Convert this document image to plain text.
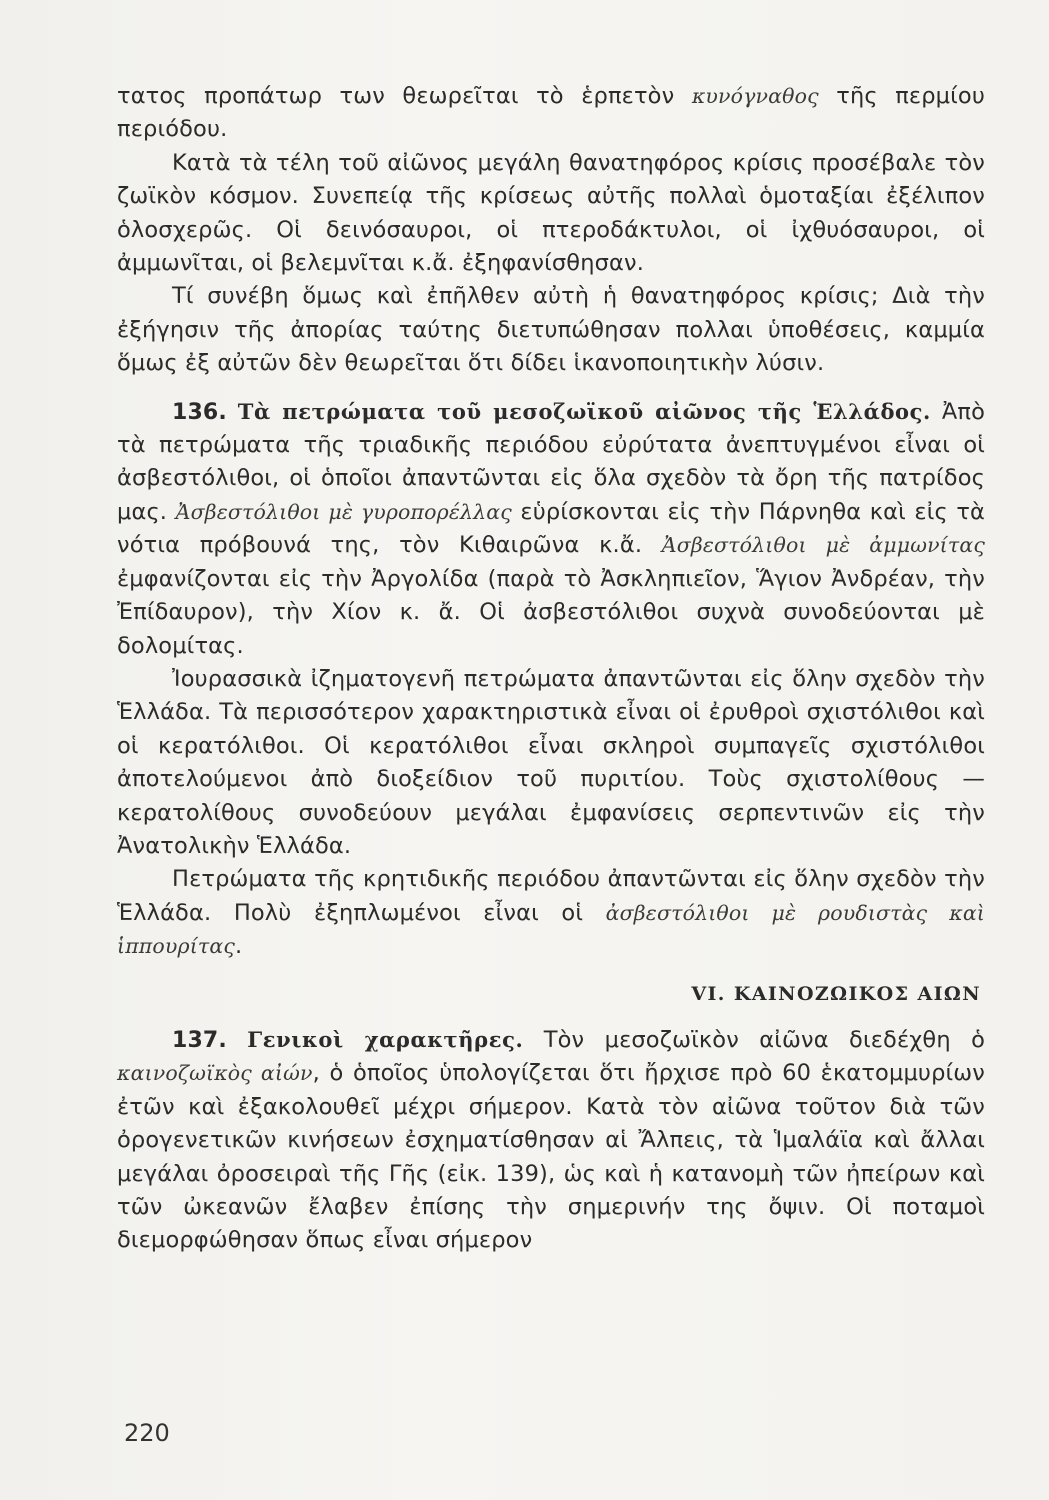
τατος προπάτωρ των θεωρεῖται τὸ ἑρπετὸν κυνόγναθος τῆς περμίου περιόδου.

Κατὰ τὰ τέλη τοῦ αἰῶνος μεγάλη θανατηφόρος κρίσις προσέβαλε τὸν ζωϊκὸν κόσμον. Συνεπείᾳ τῆς κρίσεως αὐτῆς πολλαὶ ὁμοταξίαι ἐξέλιπον ὁλοσχερῶς. Οἱ δεινόσαυροι, οἱ πτεροδάκτυλοι, οἱ ἰχθυόσαυροι, οἱ ἀμμωνῖται, οἱ βελεμνῖται κ.ἄ. ἐξηφανίσθησαν.

Τί συνέβη ὅμως καὶ ἐπῆλθεν αὐτὴ ἡ θανατηφόρος κρίσις; Διὰ τὴν ἐξήγησιν τῆς ἀπορίας ταύτης διετυπώθησαν πολλαι ὑποθέσεις, καμμία ὅμως ἐξ αὐτῶν δὲν θεωρεῖται ὅτι δίδει ἱκανοποιητικὴν λύσιν.

136. Τὰ πετρώματα τοῦ μεσοζωϊκοῦ αἰῶνος τῆς Ἑλλάδος. Ἀπὸ τὰ πετρώματα τῆς τριαδικῆς περιόδου εὐρύτατα ἀνεπτυγμένοι εἶναι οἱ ἀσβεστόλιθοι, οἱ ὁποῖοι ἀπαντῶνται εἰς ὅλα σχεδὸν τὰ ὄρη τῆς πατρίδος μας. Ἀσβεστόλιθοι μὲ γυροπορέλλας εὑρίσκονται εἰς τὴν Πάρνηθα καὶ εἰς τὰ νότια πρόβουνά της, τὸν Κιθαιρῶνα κ.ἄ. Ἀσβεστόλιθοι μὲ ἀμμωνίτας ἐμφανίζονται εἰς τὴν Ἀργολίδα (παρὰ τὸ Ἀσκληπιεῖον, Ἅγιον Ἀνδρέαν, τὴν Ἐπίδαυρον), τὴν Χίον κ. ἄ. Οἱ ἀσβεστόλιθοι συχνὰ συνοδεύονται μὲ δολομίτας.

Ἰουρασσικὰ ἰζηματογενῆ πετρώματα ἀπαντῶνται εἰς ὅλην σχεδὸν τὴν Ἑλλάδα. Τὰ περισσότερον χαρακτηριστικὰ εἶναι οἱ ἐρυθροὶ σχιστόλιθοι καὶ οἱ κερατόλιθοι. Οἱ κερατόλιθοι εἶναι σκληροὶ συμπαγεῖς σχιστόλιθοι ἀποτελούμενοι ἀπὸ διοξείδιον τοῦ πυριτίου. Τοὺς σχιστολίθους — κερατολίθους συνοδεύουν μεγάλαι ἐμφανίσεις σερπεντινῶν εἰς τὴν Ἀνατολικὴν Ἑλλάδα.

Πετρώματα τῆς κρητιδικῆς περιόδου ἀπαντῶνται εἰς ὅλην σχεδὸν τὴν Ἑλλάδα. Πολὺ ἐξηπλωμένοι εἶναι οἱ ἀσβεστόλιθοι μὲ ρουδιστὰς καὶ ἱππουρίτας.

VI. ΚΑΙΝΟΖΩΙΚΟΣ ΑΙΩΝ

137. Γενικοὶ χαρακτῆρες. Τὸν μεσοζωϊκὸν αἰῶνα διεδέχθη ὁ καινοζωϊκὸς αἰών, ὁ ὁποῖος ὑπολογίζεται ὅτι ἤρχισε πρὸ 60 ἑκατομμυρίων ἐτῶν καὶ ἐξακολουθεῖ μέχρι σήμερον. Κατὰ τὸν αἰῶνα τοῦτον διὰ τῶν ὀρογενετικῶν κινήσεων ἐσχηματίσθησαν αἱ Ἄλπεις, τὰ Ἱμαλάϊα καὶ ἄλλαι μεγάλαι ὀροσειραὶ τῆς Γῆς (εἰκ. 139), ὡς καὶ ἡ κατανομὴ τῶν ἠπείρων καὶ τῶν ὠκεανῶν ἔλαβεν ἐπίσης τὴν σημερινήν της ὄψιν. Οἱ ποταμοὶ διεμορφώθησαν ὅπως εἶναι σήμερον

220
